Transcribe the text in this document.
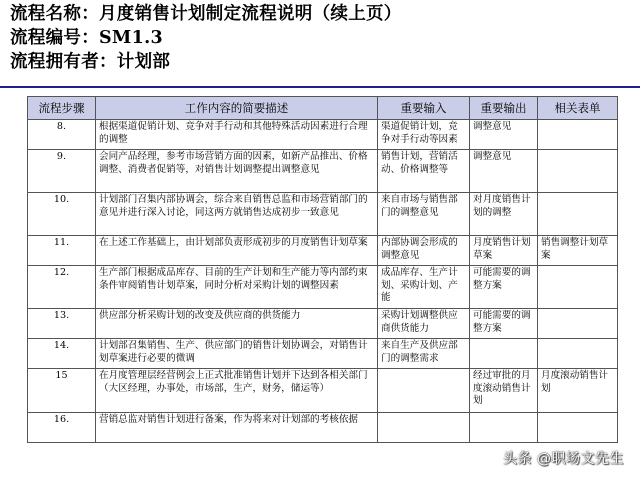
流程名称：月度销售计划制定流程说明（续上页）
流程编号：SM1.3
流程拥有者：计划部
流程步骤	工作内容的简要描述	重要输入	重要输出	相关表单
8.	根据渠道促销计划、竞争对手行动和其他特殊活动因素进行合理的调整	渠道促销计划，竞争对手行动等因素	调整意见	
9.	会同产品经理，参考市场营销方面的因素，如新产品推出、价格调整、消费者促销等，对销售计划调整提出调整意见	销售计划，营销活动、价格调整等	调整意见	
10.	计划部门召集内部协调会，综合来自销售总监和市场营销部门的意见并进行深入讨论，同这两方就销售达成初步一致意见	来自市场与销售部门的调整意见	对月度销售计划的调整	
11.	在上述工作基础上，由计划部负责形成初步的月度销售计划草案	内部协调会形成的调整意见	月度销售计划草案	销售调整计划草案
12.	生产部门根据成品库存、目前的生产计划和生产能力等内部约束条件审阅销售计划草案，同时分析对采购计划的调整因素	成品库存、生产计划、采购计划、产能	可能需要的调整方案	
13.	供应部分析采购计划的改变及供应商的供货能力	采购计划调整供应商供货能力	可能需要的调整方案	
14.	计划部召集销售、生产、供应部门的销售计划协调会，对销售计划草案进行必要的微调	来自生产及供应部门的调整需求		
15	在月度管理层经营例会上正式批准销售计划并下达到各相关部门（大区经理，办事处，市场部，生产，财务，储运等）		经过审批的月度滚动销售计划	月度滚动销售计划
16.	营销总监对销售计划进行备案，作为将来对计划部的考核依据			
头条 @职场文先生
